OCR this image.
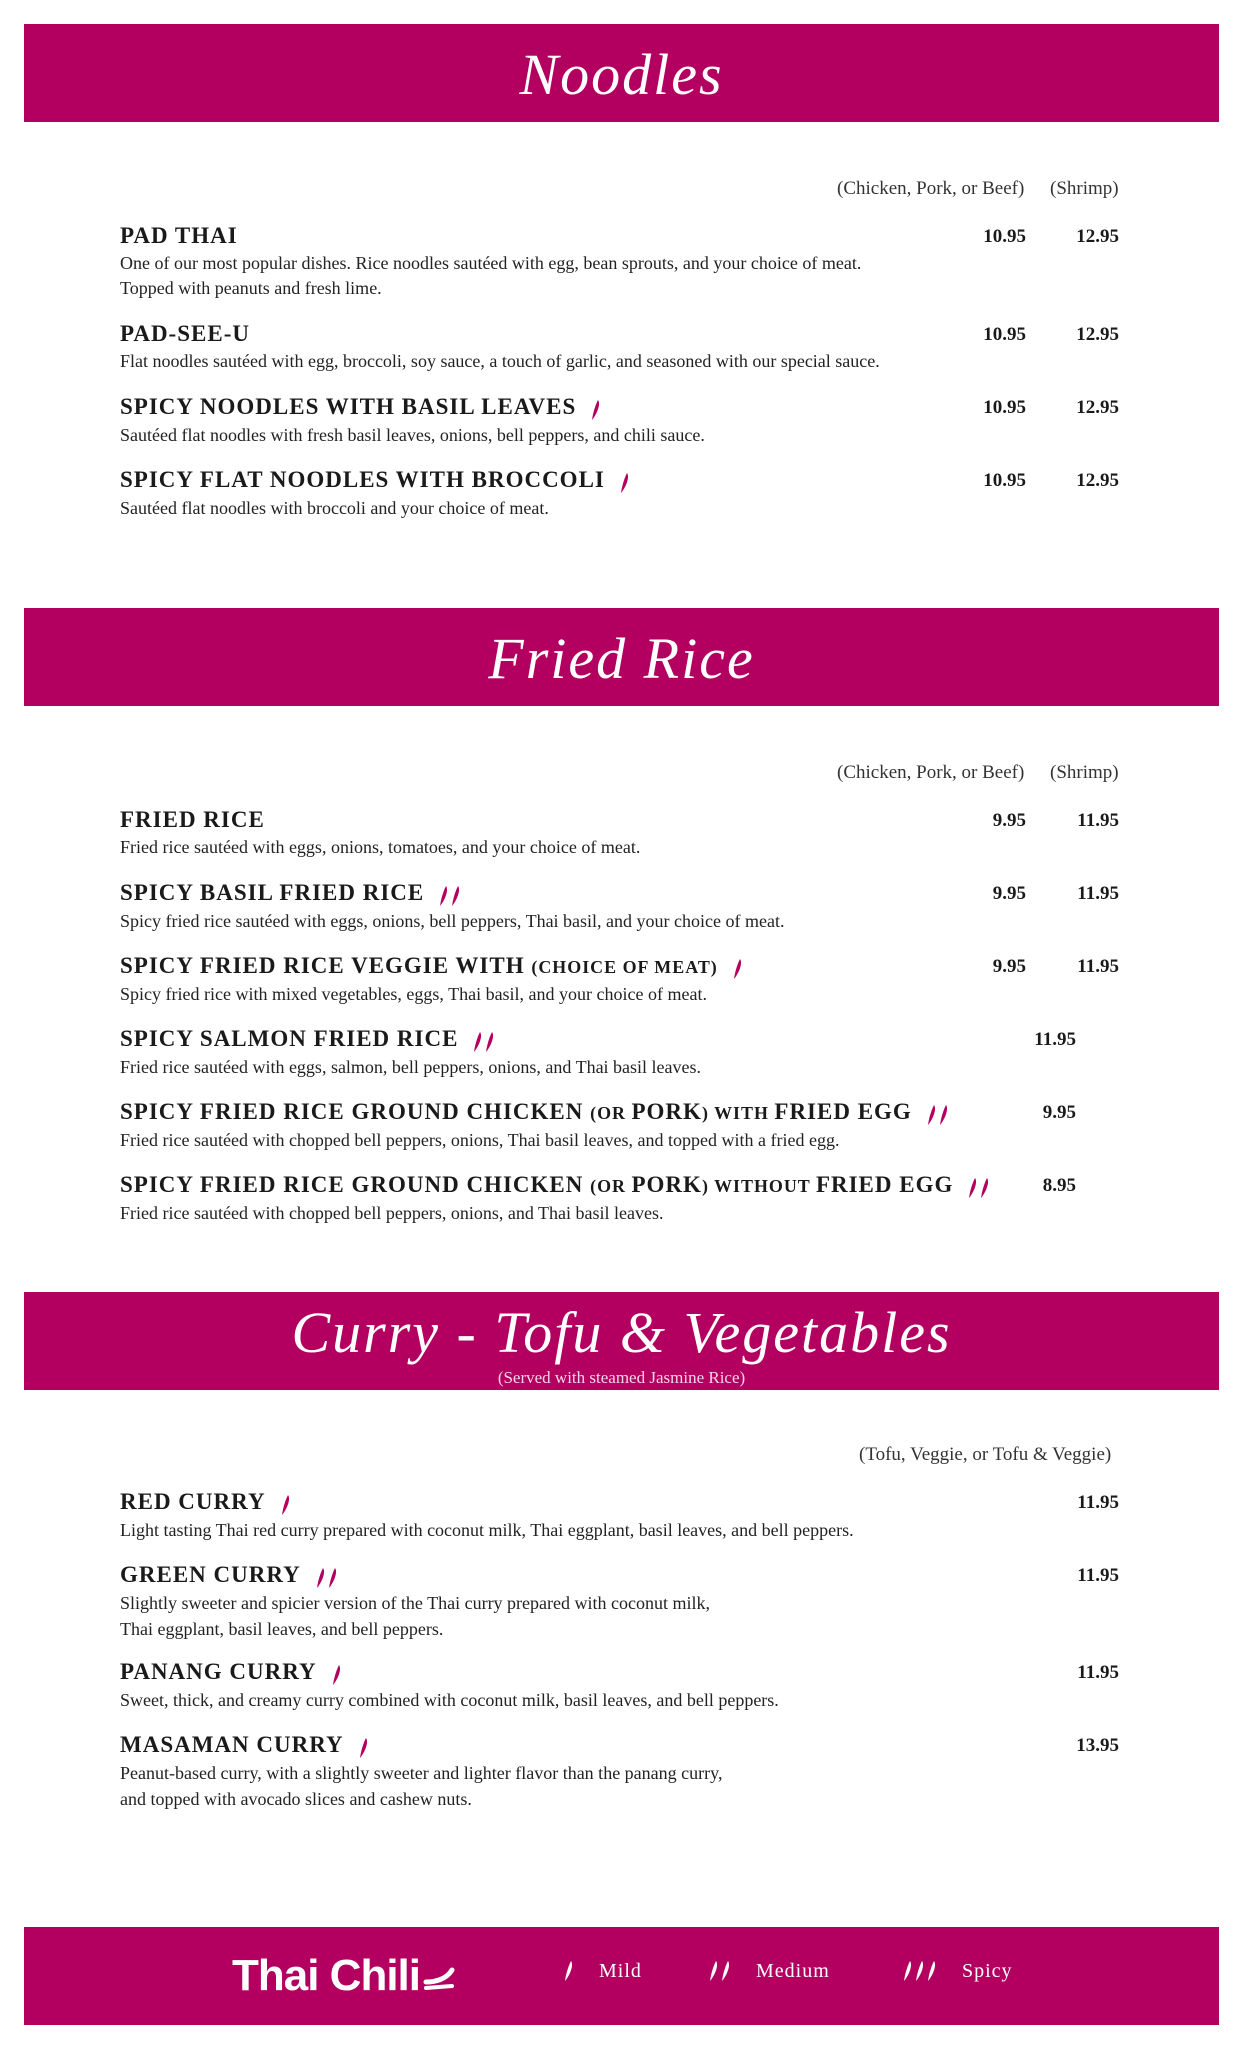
Noodles
(Chicken, Pork, or Beef) (Shrimp)
PAD THAI
One of our most popular dishes. Rice noodles sautéed with egg, bean sprouts, and your choice of meat.
Topped with peanuts and fresh lime.
10.95	12.95
PAD-SEE-U
Flat noodles sautéed with egg, broccoli, soy sauce, a touch of garlic, and seasoned with our special sauce.
10.95	12.95
SPICY NOODLES WITH BASIL LEAVES
Sautéed flat noodles with fresh basil leaves, onions, bell peppers, and chili sauce.
10.95	12.95
SPICY FLAT NOODLES WITH BROCCOLI
Sautéed flat noodles with broccoli and your choice of meat.
10.95	12.95
Fried Rice
(Chicken, Pork, or Beef) (Shrimp)
FRIED RICE
Fried rice sautéed with eggs, onions, tomatoes, and your choice of meat.
9.95	11.95
SPICY BASIL FRIED RICE
Spicy fried rice sautéed with eggs, onions, bell peppers, Thai basil, and your choice of meat.
9.95	11.95
SPICY FRIED RICE VEGGIE WITH (CHOICE OF MEAT)
Spicy fried rice with mixed vegetables, eggs, Thai basil, and your choice of meat.
9.95	11.95
SPICY SALMON FRIED RICE
Fried rice sautéed with eggs, salmon, bell peppers, onions, and Thai basil leaves.
11.95
SPICY FRIED RICE GROUND CHICKEN (OR PORK) WITH FRIED EGG
Fried rice sautéed with chopped bell peppers, onions, Thai basil leaves, and topped with a fried egg.
9.95
SPICY FRIED RICE GROUND CHICKEN (OR PORK) WITHOUT FRIED EGG
Fried rice sautéed with chopped bell peppers, onions, and Thai basil leaves.
8.95
Curry - Tofu & Vegetables
(Served with steamed Jasmine Rice)
(Tofu, Veggie, or Tofu & Veggie)
RED CURRY
Light tasting Thai red curry prepared with coconut milk, Thai eggplant, basil leaves, and bell peppers.
11.95
GREEN CURRY
Slightly sweeter and spicier version of the Thai curry prepared with coconut milk,
Thai eggplant, basil leaves, and bell peppers.
11.95
PANANG CURRY
Sweet, thick, and creamy curry combined with coconut milk, basil leaves, and bell peppers.
11.95
MASAMAN CURRY
Peanut-based curry, with a slightly sweeter and lighter flavor than the panang curry,
and topped with avocado slices and cashew nuts.
13.95
Thai Chili	Mild	Medium	Spicy
